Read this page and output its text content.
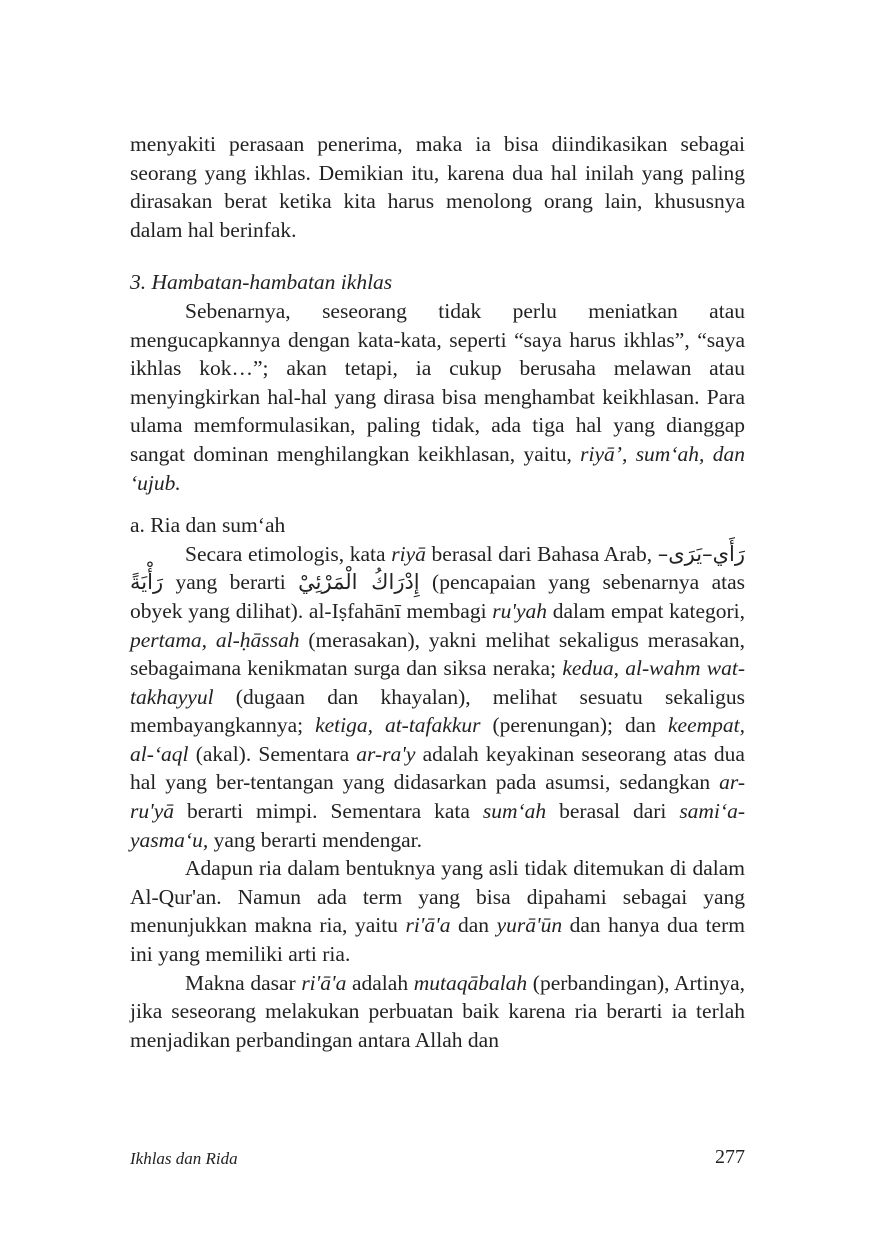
menyakiti perasaan penerima, maka ia bisa diindikasikan sebagai seorang yang ikhlas. Demikian itu, karena dua hal inilah yang paling dirasakan berat ketika kita harus menolong orang lain, khususnya dalam hal berinfak.

3. Hambatan-hambatan ikhlas

Sebenarnya, seseorang tidak perlu meniatkan atau mengucapkannya dengan kata-kata, seperti “saya harus ikhlas”, “saya ikhlas kok…”; akan tetapi, ia cukup berusaha melawan atau menyingkirkan hal-hal yang dirasa bisa menghambat keikhlasan. Para ulama memformulasikan, paling tidak, ada tiga hal yang dianggap sangat dominan menghilangkan keikhlasan, yaitu, riyā’, sum‘ah, dan ‘ujub.

a. Ria dan sum‘ah

Secara etimologis, kata riyā berasal dari Bahasa Arab, رَأَي–يَرَى–رَأْيَةً yang berarti إِدْرَاكُ الْمَرْئِيْ (pencapaian yang sebenarnya atas obyek yang dilihat). al-Iṣfahānī membagi ru'yah dalam empat kategori, pertama, al-ḥāssah (merasakan), yakni melihat sekaligus merasakan, sebagaimana kenikmatan surga dan siksa neraka; kedua, al-wahm wat-takhayyul (dugaan dan khayalan), melihat sesuatu sekaligus membayangkannya; ketiga, at-tafakkur (perenungan); dan keempat, al-‘aql (akal). Sementara ar-ra'y adalah keyakinan seseorang atas dua hal yang ber-tentangan yang didasarkan pada asumsi, sedangkan ar-ru'yā berarti mimpi. Sementara kata sum‘ah berasal dari sami‘a-yasma‘u, yang berarti mendengar.

Adapun ria dalam bentuknya yang asli tidak ditemukan di dalam Al-Qur'an. Namun ada term yang bisa dipahami sebagai yang menunjukkan makna ria, yaitu ri'ā'a dan yurā'ūn dan hanya dua term ini yang memiliki arti ria.

Makna dasar ri'ā'a adalah mutaqābalah (perbandingan), Artinya, jika seseorang melakukan perbuatan baik karena ria berarti ia terlah menjadikan perbandingan antara Allah dan

Ikhlas dan Rida	277
